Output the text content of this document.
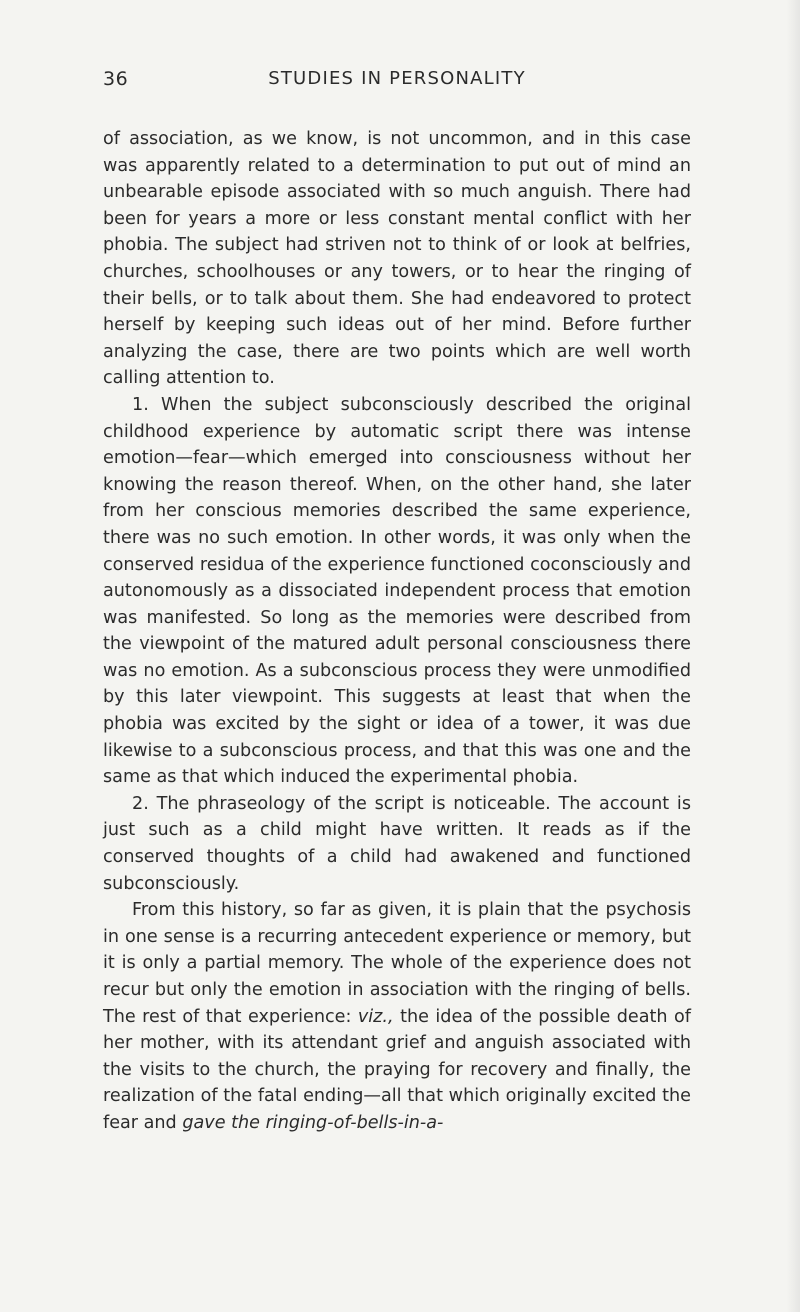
36	STUDIES IN PERSONALITY

of association, as we know, is not uncommon, and in this case was apparently related to a determination to put out of mind an unbearable episode associated with so much anguish. There had been for years a more or less constant mental conflict with her phobia. The subject had striven not to think of or look at belfries, churches, schoolhouses or any towers, or to hear the ringing of their bells, or to talk about them. She had endeavored to protect herself by keeping such ideas out of her mind. Before further analyzing the case, there are two points which are well worth calling attention to.

1. When the subject subconsciously described the original childhood experience by automatic script there was intense emotion—fear—which emerged into consciousness without her knowing the reason thereof. When, on the other hand, she later from her conscious memories described the same experience, there was no such emotion. In other words, it was only when the conserved residua of the experience functioned coconsciously and autonomously as a dissociated independent process that emotion was manifested. So long as the memories were described from the viewpoint of the matured adult personal consciousness there was no emotion. As a subconscious process they were unmodified by this later viewpoint. This suggests at least that when the phobia was excited by the sight or idea of a tower, it was due likewise to a subconscious process, and that this was one and the same as that which induced the experimental phobia.

2. The phraseology of the script is noticeable. The account is just such as a child might have written. It reads as if the conserved thoughts of a child had awakened and functioned subconsciously.

From this history, so far as given, it is plain that the psychosis in one sense is a recurring antecedent experience or memory, but it is only a partial memory. The whole of the experience does not recur but only the emotion in association with the ringing of bells. The rest of that experience: viz., the idea of the possible death of her mother, with its attendant grief and anguish associated with the visits to the church, the praying for recovery and finally, the realization of the fatal ending—all that which originally excited the fear and gave the ringing-of-bells-in-a-
